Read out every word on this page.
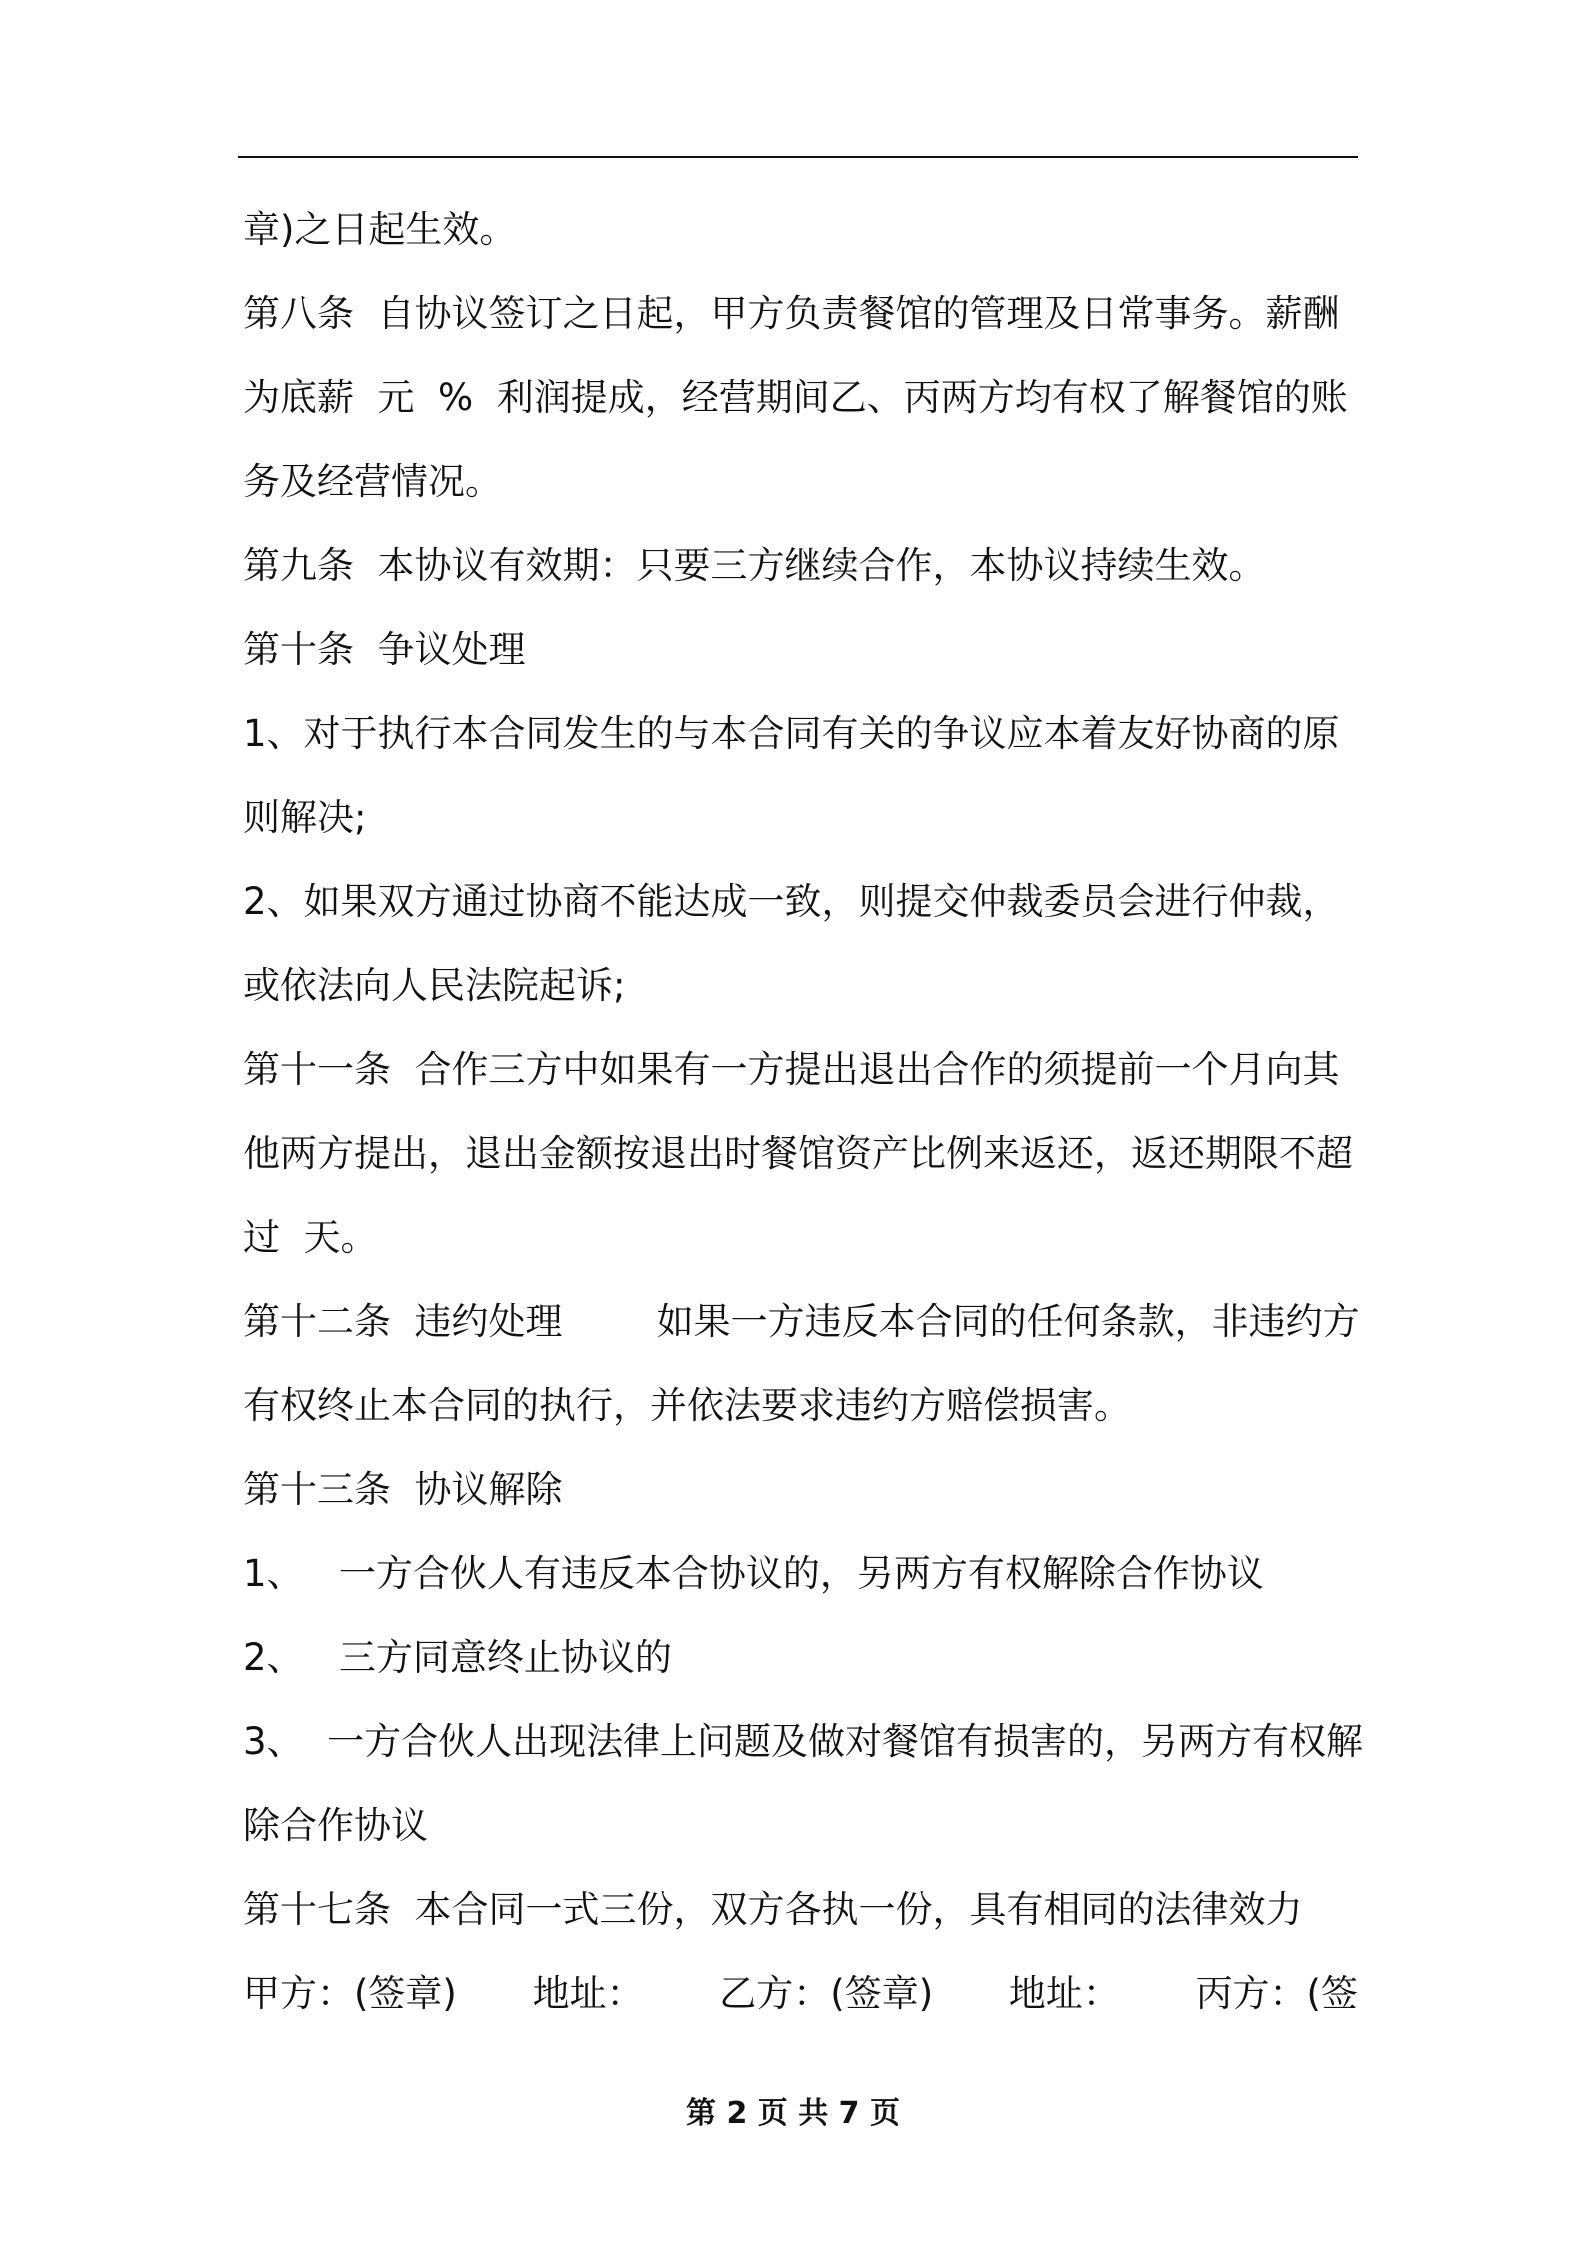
章)之日起生效。
第八条  自协议签订之日起，甲方负责餐馆的管理及日常事务。薪酬
为底薪  元  %  利润提成，经营期间乙、丙两方均有权了解餐馆的账
务及经营情况。
第九条  本协议有效期：只要三方继续合作，本协议持续生效。
第十条  争议处理
1、对于执行本合同发生的与本合同有关的争议应本着友好协商的原
则解决;
2、如果双方通过协商不能达成一致，则提交仲裁委员会进行仲裁，
或依法向人民法院起诉;
第十一条  合作三方中如果有一方提出退出合作的须提前一个月向其
他两方提出，退出金额按退出时餐馆资产比例来返还，返还期限不超
过  天。
第十二条  违约处理        如果一方违反本合同的任何条款，非违约方
有权终止本合同的执行，并依法要求违约方赔偿损害。
第十三条  协议解除
1、   一方合伙人有违反本合协议的，另两方有权解除合作协议
2、   三方同意终止协议的
3、  一方合伙人出现法律上问题及做对餐馆有损害的，另两方有权解
除合作协议
第十七条  本合同一式三份，双方各执一份，具有相同的法律效力
甲方：(签章) 地址： 乙方：(签章) 地址： 丙方：(签
第 2 页 共 7 页
